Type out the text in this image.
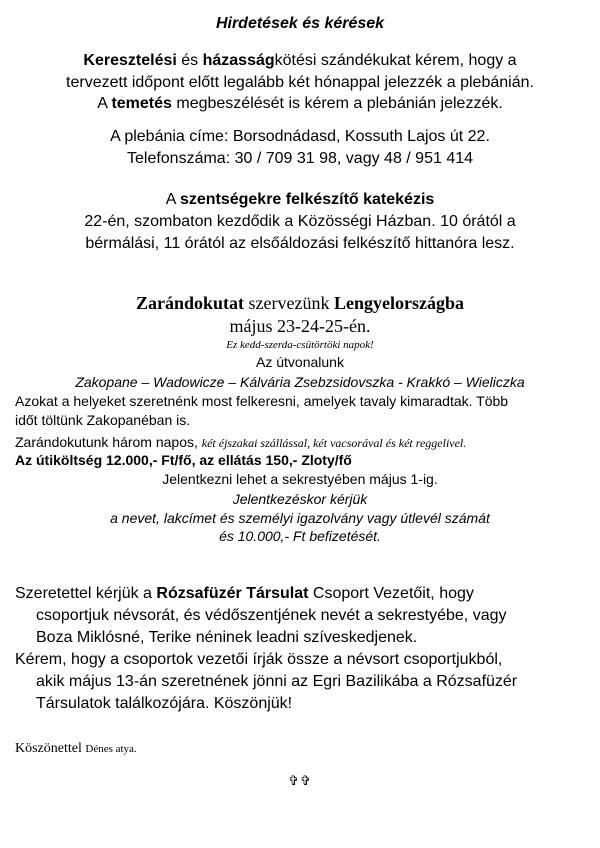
Hirdetések és kérések
Keresztelési és házasságkötési szándékukat kérem, hogy a
tervezett időpont előtt legalább két hónappal jelezzék a plebánián.
A temetés megbeszélését is kérem a plebánián jelezzék.
A plebánia címe: Borsodnádasd, Kossuth Lajos út 22.
Telefonszáma: 30 / 709 31 98, vagy 48 / 951 414
A szentségekre felkészítő katekézis
22-én, szombaton kezdődik a Közösségi Házban. 10 órától a
bérmálási, 11 órától az elsőáldozási felkészítő hittanóra lesz.
Zarándokutat szervezünk Lengyelországba
május 23-24-25-én.
Ez kedd-szerda-csütörtöki napok!
Az útvonalunk
Zakopane – Wadowicze – Kálvária Zsebzsidovszka - Krakkó – Wieliczka
Azokat a helyeket szeretnénk most felkeresni, amelyek tavaly kimaradtak. Több
időt töltünk Zakopanéban is.
Zarándokutunk három napos, két éjszakai szállással, két vacsorával és két reggelivel.
Az útiköltség 12.000,- Ft/fő, az ellátás 150,- Zloty/fő
Jelentkezni lehet a sekrestyében május 1-ig.
Jelentkezéskor kérjük
a nevet, lakcímet és személyi igazolvány vagy útlevél számát
és 10.000,- Ft befizetését.
Szeretettel kérjük a Rózsafüzér Társulat Csoport Vezetőit, hogy
csoportjuk névsorát, és védőszentjének nevét a sekrestyébe, vagy
Boza Miklósné, Terike néninek leadni szíveskedjenek.
Kérem, hogy a csoportok vezetői írják össze a névsort csoportjukból,
akik május 13-án szeretnének jönni az Egri Bazilikába a Rózsafüzér
Társulatok találkozójára. Köszönjük!
Köszönettel Dénes atya.
✞✞
